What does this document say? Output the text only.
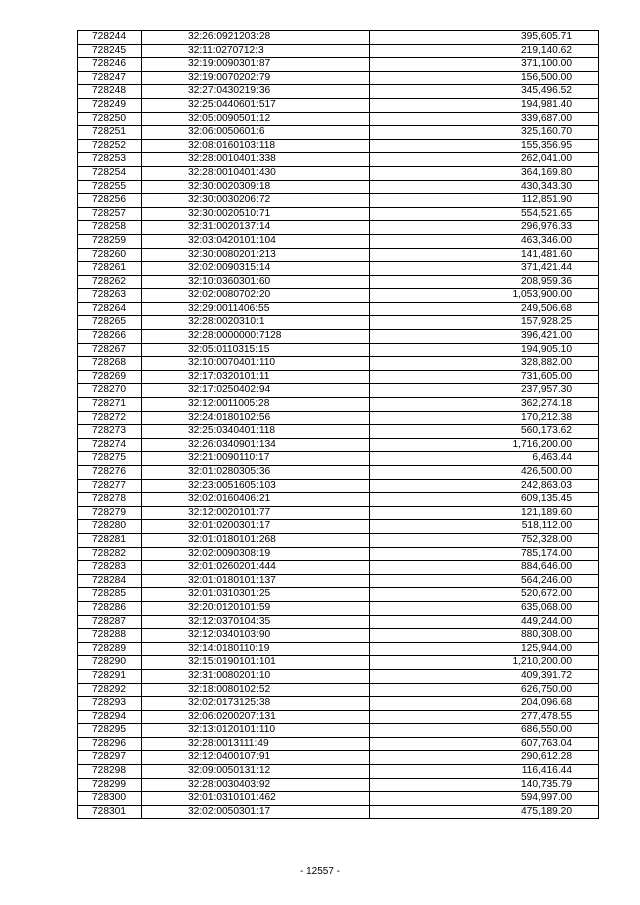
728244	32:26:0921203:28	395,605.71
728245	32:11:0270712:3	219,140.62
728246	32:19:0090301:87	371,100.00
728247	32:19:0070202:79	156,500.00
728248	32:27:0430219:36	345,496.52
728249	32:25:0440601:517	194,981.40
728250	32:05:0090501:12	339,687.00
728251	32:06:0050601:6	325,160.70
728252	32:08:0160103:118	155,356.95
728253	32:28:0010401:338	262,041.00
728254	32:28:0010401:430	364,169.80
728255	32:30:0020309:18	430,343.30
728256	32:30:0030206:72	112,851.90
728257	32:30:0020510:71	554,521.65
728258	32:31:0020137:14	296,976.33
728259	32:03:0420101:104	463,346.00
728260	32:30:0080201:213	141,481.60
728261	32:02:0090315:14	371,421.44
728262	32:10:0360301:60	208,959.36
728263	32:02:0080702:20	1,053,900.00
728264	32:29:0011406:55	249,506.68
728265	32:28:0020310:1	157,928.25
728266	32:28:0000000:7128	396,421.00
728267	32:05:0110315:15	194,905.10
728268	32:10:0070401:110	328,882.00
728269	32:17:0320101:11	731,605.00
728270	32:17:0250402:94	237,957.30
728271	32:12:0011005:28	362,274.18
728272	32:24:0180102:56	170,212.38
728273	32:25:0340401:118	560,173.62
728274	32:26:0340901:134	1,716,200.00
728275	32:21:0090110:17	6,463.44
728276	32:01:0280305:36	426,500.00
728277	32:23:0051605:103	242,863.03
728278	32:02:0160406:21	609,135.45
728279	32:12:0020101:77	121,189.60
728280	32:01:0200301:17	518,112.00
728281	32:01:0180101:268	752,328.00
728282	32:02:0090308:19	785,174.00
728283	32:01:0260201:444	884,646.00
728284	32:01:0180101:137	564,246.00
728285	32:01:0310301:25	520,672.00
728286	32:20:0120101:59	635,068.00
728287	32:12:0370104:35	449,244.00
728288	32:12:0340103:90	880,308.00
728289	32:14:0180110:19	125,944.00
728290	32:15:0190101:101	1,210,200.00
728291	32:31:0080201:10	409,391.72
728292	32:18:0080102:52	626,750.00
728293	32:02:0173125:38	204,096.68
728294	32:06:0200207:131	277,478.55
728295	32:13:0120101:110	686,550.00
728296	32:28:0013111:49	607,763.04
728297	32:12:0400107:91	290,612.28
728298	32:09:0050131:12	116,416.44
728299	32:28:0030403:92	140,735.79
728300	32:01:0310101:462	594,997.00
728301	32:02:0050301:17	475,189.20
- 12557 -
